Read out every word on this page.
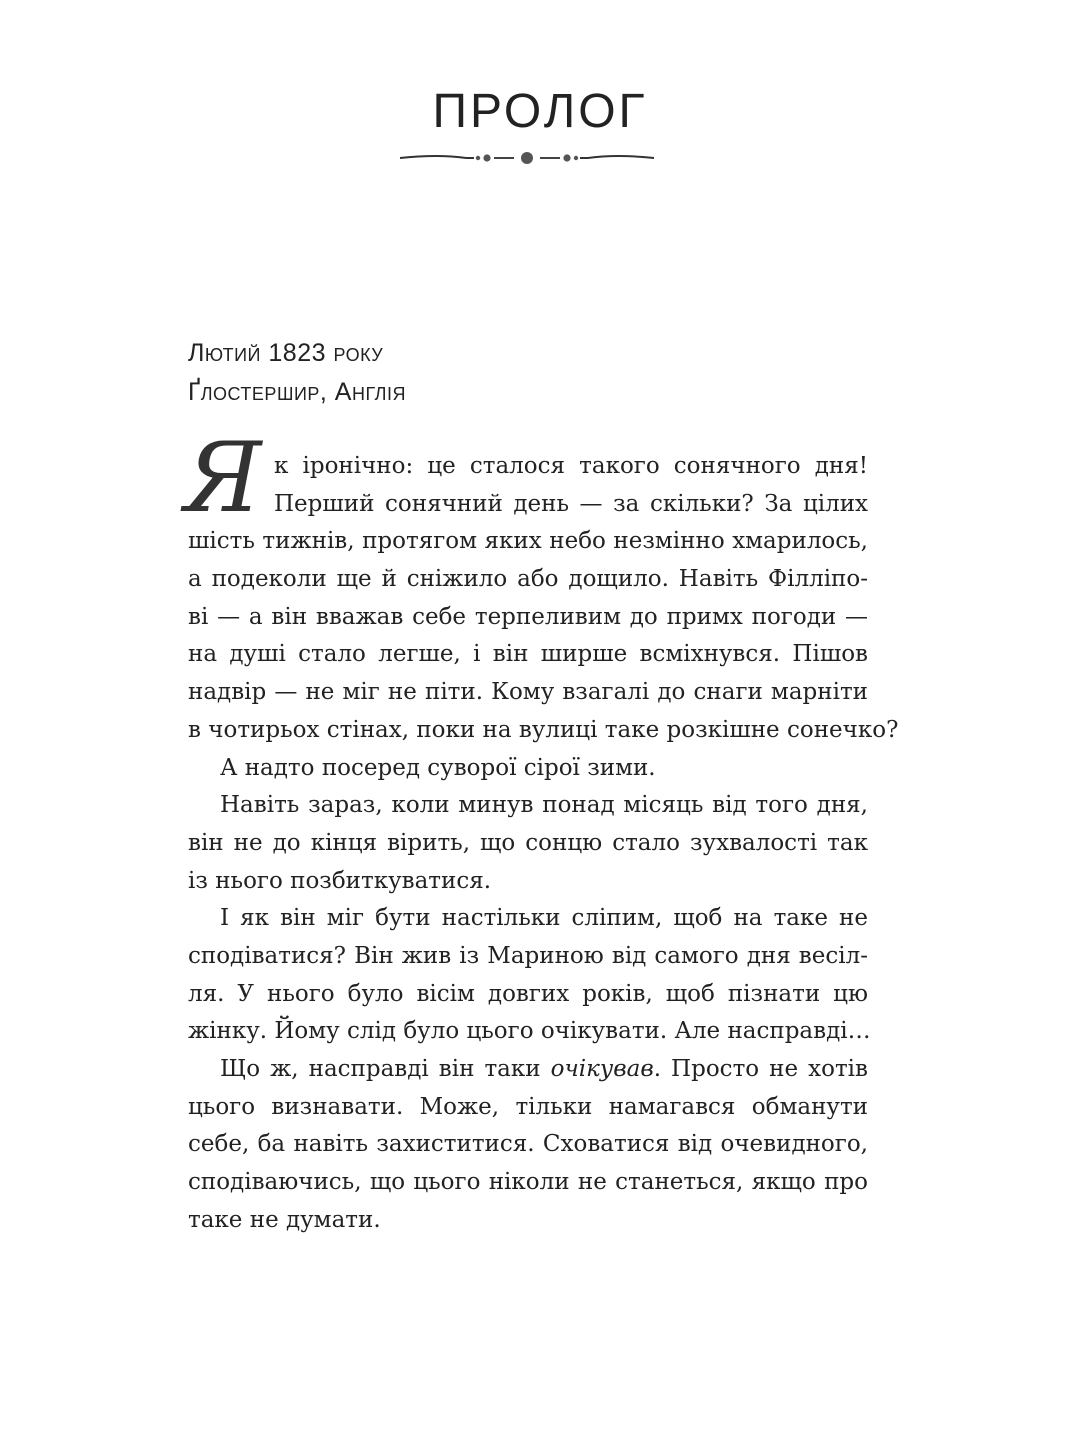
ПРОЛОГ
Лютий 1823 року
Ґлостершир, Англія
Я к іронічно: це сталося такого сонячного дня!
Перший сонячний день — за скільки? За цілих
шість тижнів, протягом яких небо незмінно хмарилось,
а подеколи ще й сніжило або дощило. Навіть Філліпо-
ві — а він вважав себе терпеливим до примх погоди —
на душі стало легше, і він ширше всміхнувся. Пішов
надвір — не міг не піти. Кому взагалі до снаги марніти
в чотирьох стінах, поки на вулиці таке розкішне сонечко?
А надто посеред суворої сірої зими.
Навіть зараз, коли минув понад місяць від того дня,
він не до кінця вірить, що сонцю стало зухвалості так
із нього позбиткуватися.
І як він міг бути настільки сліпим, щоб на таке не
сподіватися? Він жив із Мариною від самого дня весіл-
ля. У нього було вісім довгих років, щоб пізнати цю
жінку. Йому слід було цього очікувати. Але насправді…
Що ж, насправді він таки очікував. Просто не хотів
цього визнавати. Може, тільки намагався обманути
себе, ба навіть захиститися. Сховатися від очевидного,
сподіваючись, що цього ніколи не станеться, якщо про
таке не думати.
